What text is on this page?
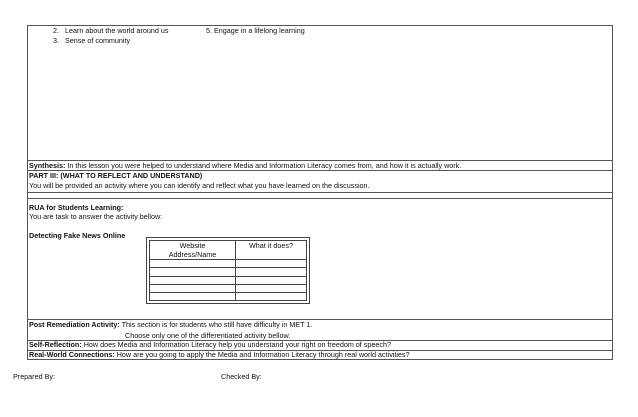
2.   Learn about the world around us
3.   Sense of community
5. Engage in a lifelong learning
Synthesis: In this lesson you were helped to understand where Media and Information Literacy comes from, and how it is actually work.
PART III: (WHAT TO REFLECT AND UNDERSTAND)
You will be provided an activity where you can identify and reflect what you have learned on the discussion.
RUA for Students Learning:
You are task to answer the activity bellow:
Detecting Fake News Online
Website
Address/Name
What it does?
Post Remediation Activity: This section is for students who still have difficulty in MET 1.
Choose only one of the differentiated activity bellow.
Self-Reflection: How does Media and Information Literacy help you understand your right on freedom of speech?
Real-World Connections: How are you going to apply the Media and Information Literacy through real world activities?
Prepared By:	Checked By:
